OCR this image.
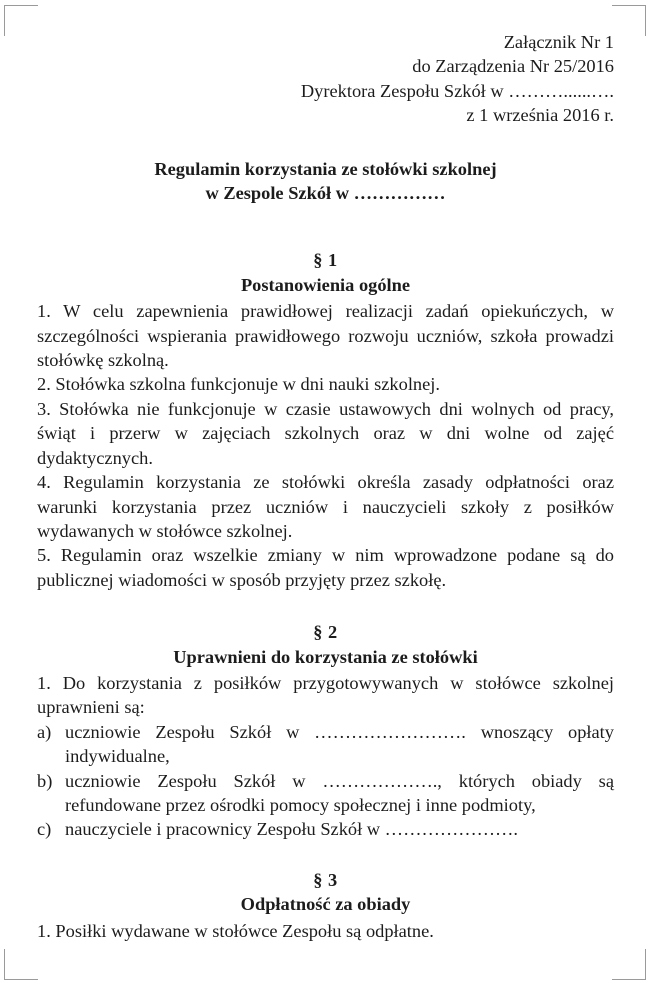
Załącznik Nr 1
do Zarządzenia Nr 25/2016
Dyrektora Zespołu Szkół w ………......….
z 1 września 2016 r.
Regulamin korzystania ze stołówki szkolnej
w Zespole Szkół w ……………
§ 1
Postanowienia ogólne

1. W celu zapewnienia prawidłowej realizacji zadań opiekuńczych, w szczególności wspierania prawidłowego rozwoju uczniów, szkoła prowadzi stołówkę szkolną.

2. Stołówka szkolna funkcjonuje w dni nauki szkolnej.

3. Stołówka nie funkcjonuje w czasie ustawowych dni wolnych od pracy, świąt i przerw w zajęciach szkolnych oraz w dni wolne od zajęć dydaktycznych.

4. Regulamin korzystania ze stołówki określa zasady odpłatności oraz warunki korzystania przez uczniów i nauczycieli szkoły z posiłków wydawanych w stołówce szkolnej.

5. Regulamin oraz wszelkie zmiany w nim wprowadzone podane są do publicznej wiadomości w sposób przyjęty przez szkołę.

§ 2
Uprawnieni do korzystania ze stołówki

1. Do korzystania z posiłków przygotowywanych w stołówce szkolnej uprawnieni są:

a) uczniowie Zespołu Szkół w ……………………. wnoszący opłaty indywidualne,
b) uczniowie Zespołu Szkół w ………………., których obiady są refundowane przez ośrodki pomocy społecznej i inne podmioty,
c) nauczyciele i pracownicy Zespołu Szkół w ………………….
§ 3
Odpłatność za obiady

1. Posiłki wydawane w stołówce Zespołu są odpłatne.
